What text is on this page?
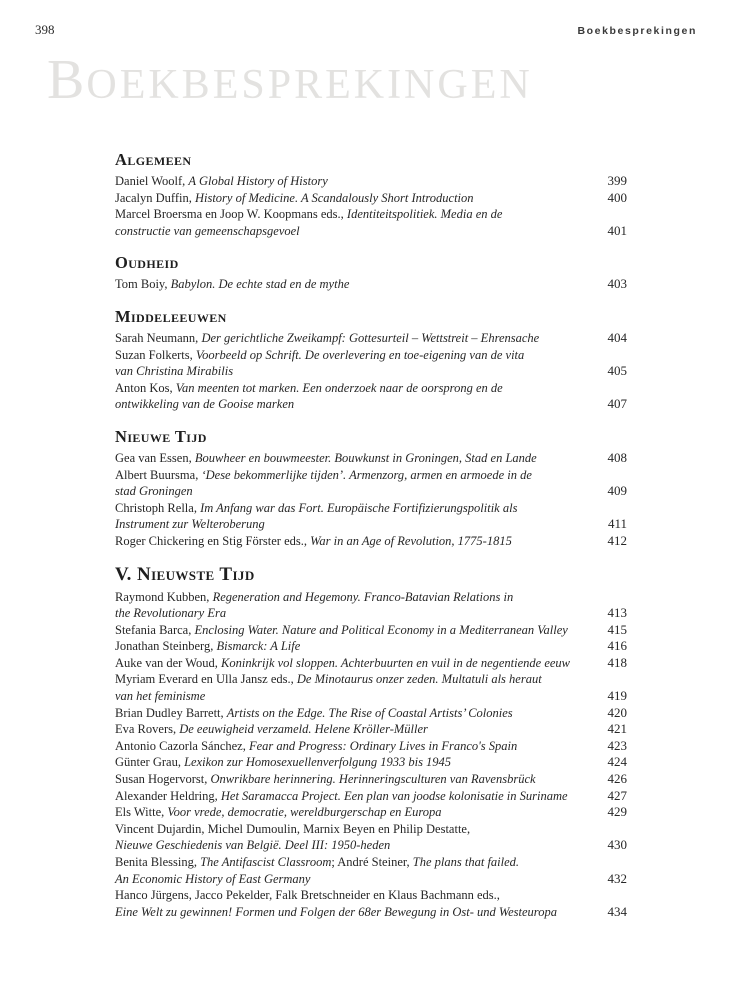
398	Boekbesprekingen
BOEKBESPREKINGEN
Algemeen
Daniel Woolf, A Global History of History	399
Jacalyn Duffin, History of Medicine. A Scandalously Short Introduction	400
Marcel Broersma en Joop W. Koopmans eds., Identiteitspolitiek. Media en de
constructie van gemeenschapsgevoel	401
Oudheid
Tom Boiy, Babylon. De echte stad en de mythe	403
Middeleeuwen
Sarah Neumann, Der gerichtliche Zweikampf: Gottesurteil – Wettstreit – Ehrensache	404
Suzan Folkerts, Voorbeeld op Schrift. De overlevering en toe-eigening van de vita
van Christina Mirabilis	405
Anton Kos, Van meenten tot marken. Een onderzoek naar de oorsprong en de
ontwikkeling van de Gooise marken	407
Nieuwe Tijd
Gea van Essen, Bouwheer en bouwmeester. Bouwkunst in Groningen, Stad en Lande	408
Albert Buursma, ‘Dese bekommerlijke tijden’. Armenzorg, armen en armoede in de
stad Groningen	409
Christoph Rella, Im Anfang war das Fort. Europäische Fortifizierungspolitik als
Instrument zur Welteroberung	411
Roger Chickering en Stig Förster eds., War in an Age of Revolution, 1775-1815	412
V. Nieuwste Tijd
Raymond Kubben, Regeneration and Hegemony. Franco-Batavian Relations in
the Revolutionary Era	413
Stefania Barca, Enclosing Water. Nature and Political Economy in a Mediterranean Valley	415
Jonathan Steinberg, Bismarck: A Life	416
Auke van der Woud, Koninkrijk vol sloppen. Achterbuurten en vuil in de negentiende eeuw	418
Myriam Everard en Ulla Jansz eds., De Minotaurus onzer zeden. Multatuli als heraut
van het feminisme	419
Brian Dudley Barrett, Artists on the Edge. The Rise of Coastal Artists’ Colonies	420
Eva Rovers, De eeuwigheid verzameld. Helene Kröller-Müller	421
Antonio Cazorla Sánchez, Fear and Progress: Ordinary Lives in Franco's Spain	423
Günter Grau, Lexikon zur Homosexuellenverfolgung 1933 bis 1945	424
Susan Hogervorst, Onwrikbare herinnering. Herinneringsculturen van Ravensbrück	426
Alexander Heldring, Het Saramacca Project. Een plan van joodse kolonisatie in Suriname	427
Els Witte, Voor vrede, democratie, wereldburgerschap en Europa	429
Vincent Dujardin, Michel Dumoulin, Marnix Beyen en Philip Destatte,
Nieuwe Geschiedenis van België. Deel III: 1950-heden	430
Benita Blessing, The Antifascist Classroom; André Steiner, The plans that failed.
An Economic History of East Germany	432
Hanco Jürgens, Jacco Pekelder, Falk Bretschneider en Klaus Bachmann eds.,
Eine Welt zu gewinnen! Formen und Folgen der 68er Bewegung in Ost- und Westeuropa	434
